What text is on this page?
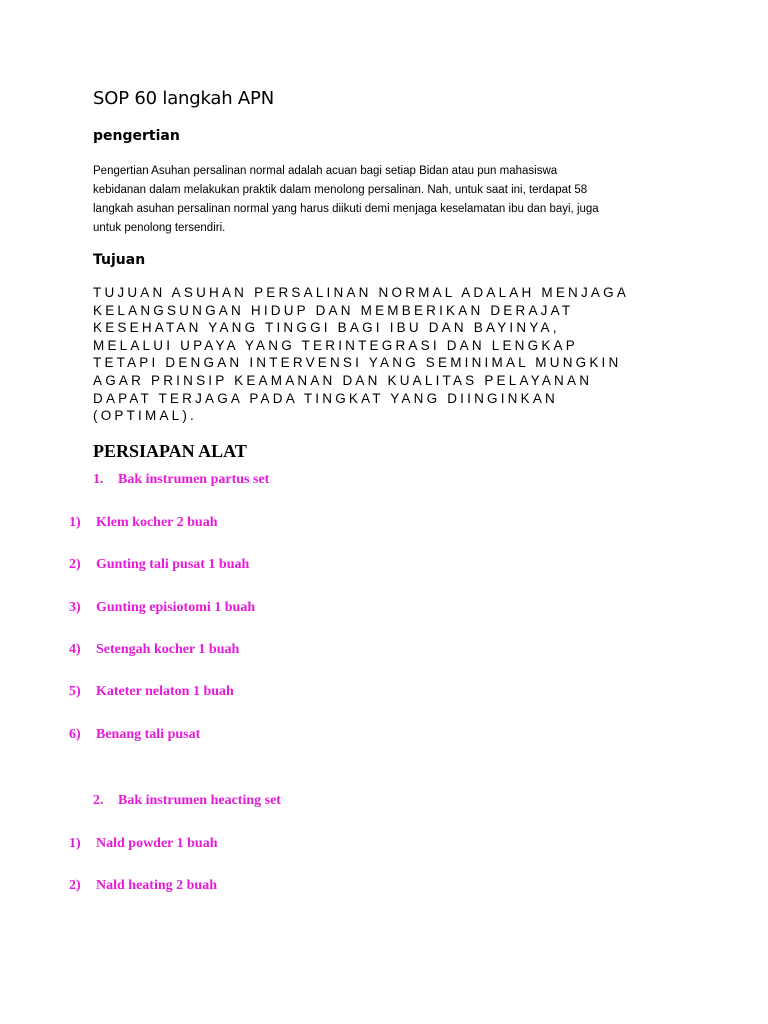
SOP 60 langkah APN
pengertian

Pengertian Asuhan persalinan normal adalah acuan bagi setiap Bidan atau pun mahasiswa
kebidanan dalam melakukan praktik dalam menolong persalinan. Nah, untuk saat ini, terdapat 58
langkah asuhan persalinan normal yang harus diikuti demi menjaga keselamatan ibu dan bayi, juga
untuk penolong tersendiri.

Tujuan

TUJUAN ASUHAN PERSALINAN NORMAL ADALAH MENJAGA
KELANGSUNGAN HIDUP DAN MEMBERIKAN DERAJAT
KESEHATAN YANG TINGGI BAGI IBU DAN BAYINYA,
MELALUI UPAYA YANG TERINTEGRASI DAN LENGKAP
TETAPI DENGAN INTERVENSI YANG SEMINIMAL MUNGKIN
AGAR PRINSIP KEAMANAN DAN KUALITAS PELAYANAN
DAPAT TERJAGA PADA TINGKAT YANG DIINGINKAN
(OPTIMAL).

PERSIAPAN ALAT
1. Bak instrumen partus set
1) Klem kocher 2 buah
2) Gunting tali pusat 1 buah
3) Gunting episiotomi 1 buah
4) Setengah kocher 1 buah
5) Kateter nelaton 1 buah
6) Benang tali pusat
2. Bak instrumen heacting set
1) Nald powder 1 buah
2) Nald heating 2 buah
